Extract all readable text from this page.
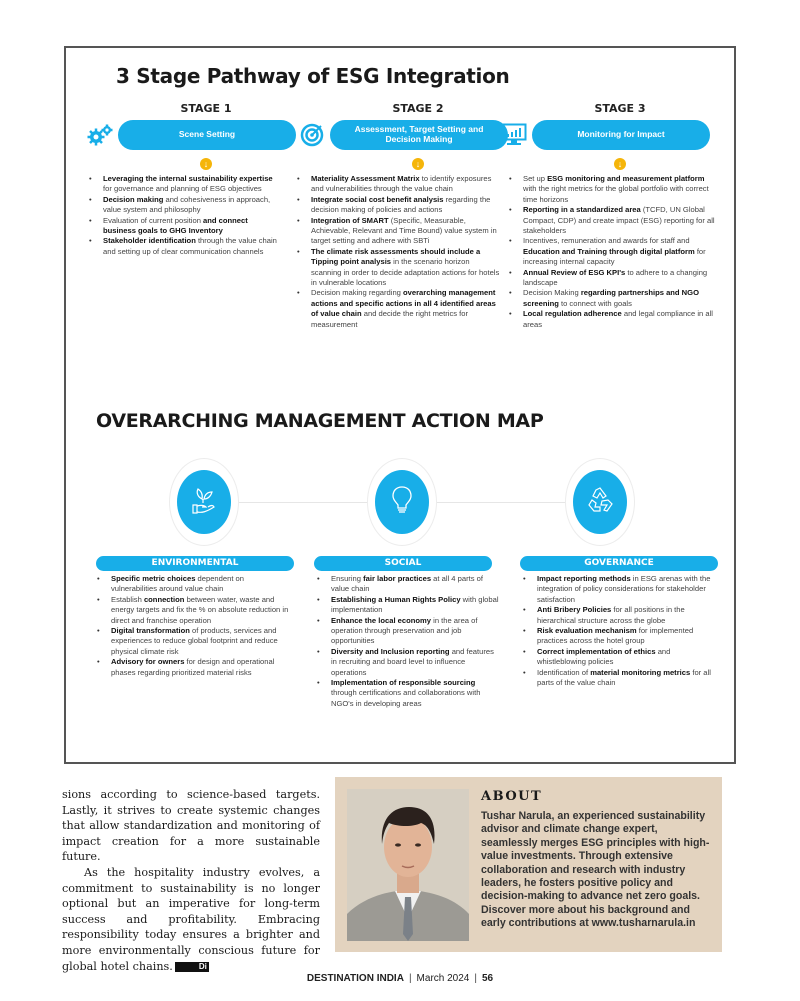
3 Stage Pathway of ESG Integration
STAGE 1
Scene Setting
↓
STAGE 2
Assessment, Target Setting and Decision Making
↓
STAGE 3
Monitoring for Impact
↓
• Leveraging the internal sustainability expertise for governance and planning of ESG objectives
• Decision making and cohesiveness in approach, value system and philosophy
• Evaluation of current position and connect business goals to GHG Inventory
• Stakeholder identification through the value chain and setting up of clear communication channels
• Materiality Assessment Matrix to identify exposures and vulnerabilities through the value chain
• Integrate social cost benefit analysis regarding the decision making of policies and actions
• Integration of SMART (Specific, Measurable, Achievable, Relevant and Time Bound) value system in target setting and adhere with SBTi
• The climate risk assessments should include a Tipping point analysis in the scenario horizon scanning in order to decide adaptation actions for hotels in vulnerable locations
• Decision making regarding overarching management actions and specific actions in all 4 identified areas of value chain and decide the right metrics for measurement
• Set up ESG monitoring and measurement platform with the right metrics for the global portfolio with correct time horizons
• Reporting in a standardized area (TCFD, UN Global Compact, CDP) and create impact (ESG) reporting for all stakeholders
• Incentives, remuneration and awards for staff and Education and Training through digital platform for increasing internal capacity
• Annual Review of ESG KPI's to adhere to a changing landscape
• Decision Making regarding partnerships and NGO screening to connect with goals
• Local regulation adherence and legal compliance in all areas
OVERARCHING MANAGEMENT ACTION MAP
ENVIRONMENTAL	SOCIAL	GOVERNANCE
• Specific metric choices dependent on vulnerabilities around value chain
• Establish connection between water, waste and energy targets and fix the % on absolute reduction in direct and franchise operation
• Digital transformation of products, services and experiences to reduce global footprint and reduce physical climate risk
• Advisory for owners for design and operational phases regarding prioritized material risks
• Ensuring fair labor practices at all 4 parts of value chain
• Establishing a Human Rights Policy with global implementation
• Enhance the local economy in the area of operation through preservation and job opportunities
• Diversity and Inclusion reporting and features in recruiting and board level to influence operations
• Implementation of responsible sourcing through certifications and collaborations with NGO's in developing areas
• Impact reporting methods in ESG arenas with the integration of policy considerations for stakeholder satisfaction
• Anti Bribery Policies for all positions in the hierarchical structure across the globe
• Risk evaluation mechanism for implemented practices across the hotel group
• Correct implementation of ethics and whistleblowing policies
• Identification of material monitoring metrics for all parts of the value chain

sions according to science-based targets. Lastly, it strives to create systemic changes that allow standardization and monitoring of impact creation for a more sustainable future.

As the hospitality industry evolves, a commitment to sustainability is no longer optional but an imperative for long-term success and profitability. Embracing responsibility today ensures a brighter and more environmentally conscious future for global hotel chains.	Di

ABOUT
Tushar Narula, an experienced sustainability advisor and climate change expert, seamlessly merges ESG principles with high-value investments. Through extensive collaboration and research with industry leaders, he fosters positive policy and decision-making to advance net zero goals. Discover more about his background and early contributions at www.tusharnarula.in
DESTINATION INDIA | March 2024 | 56
